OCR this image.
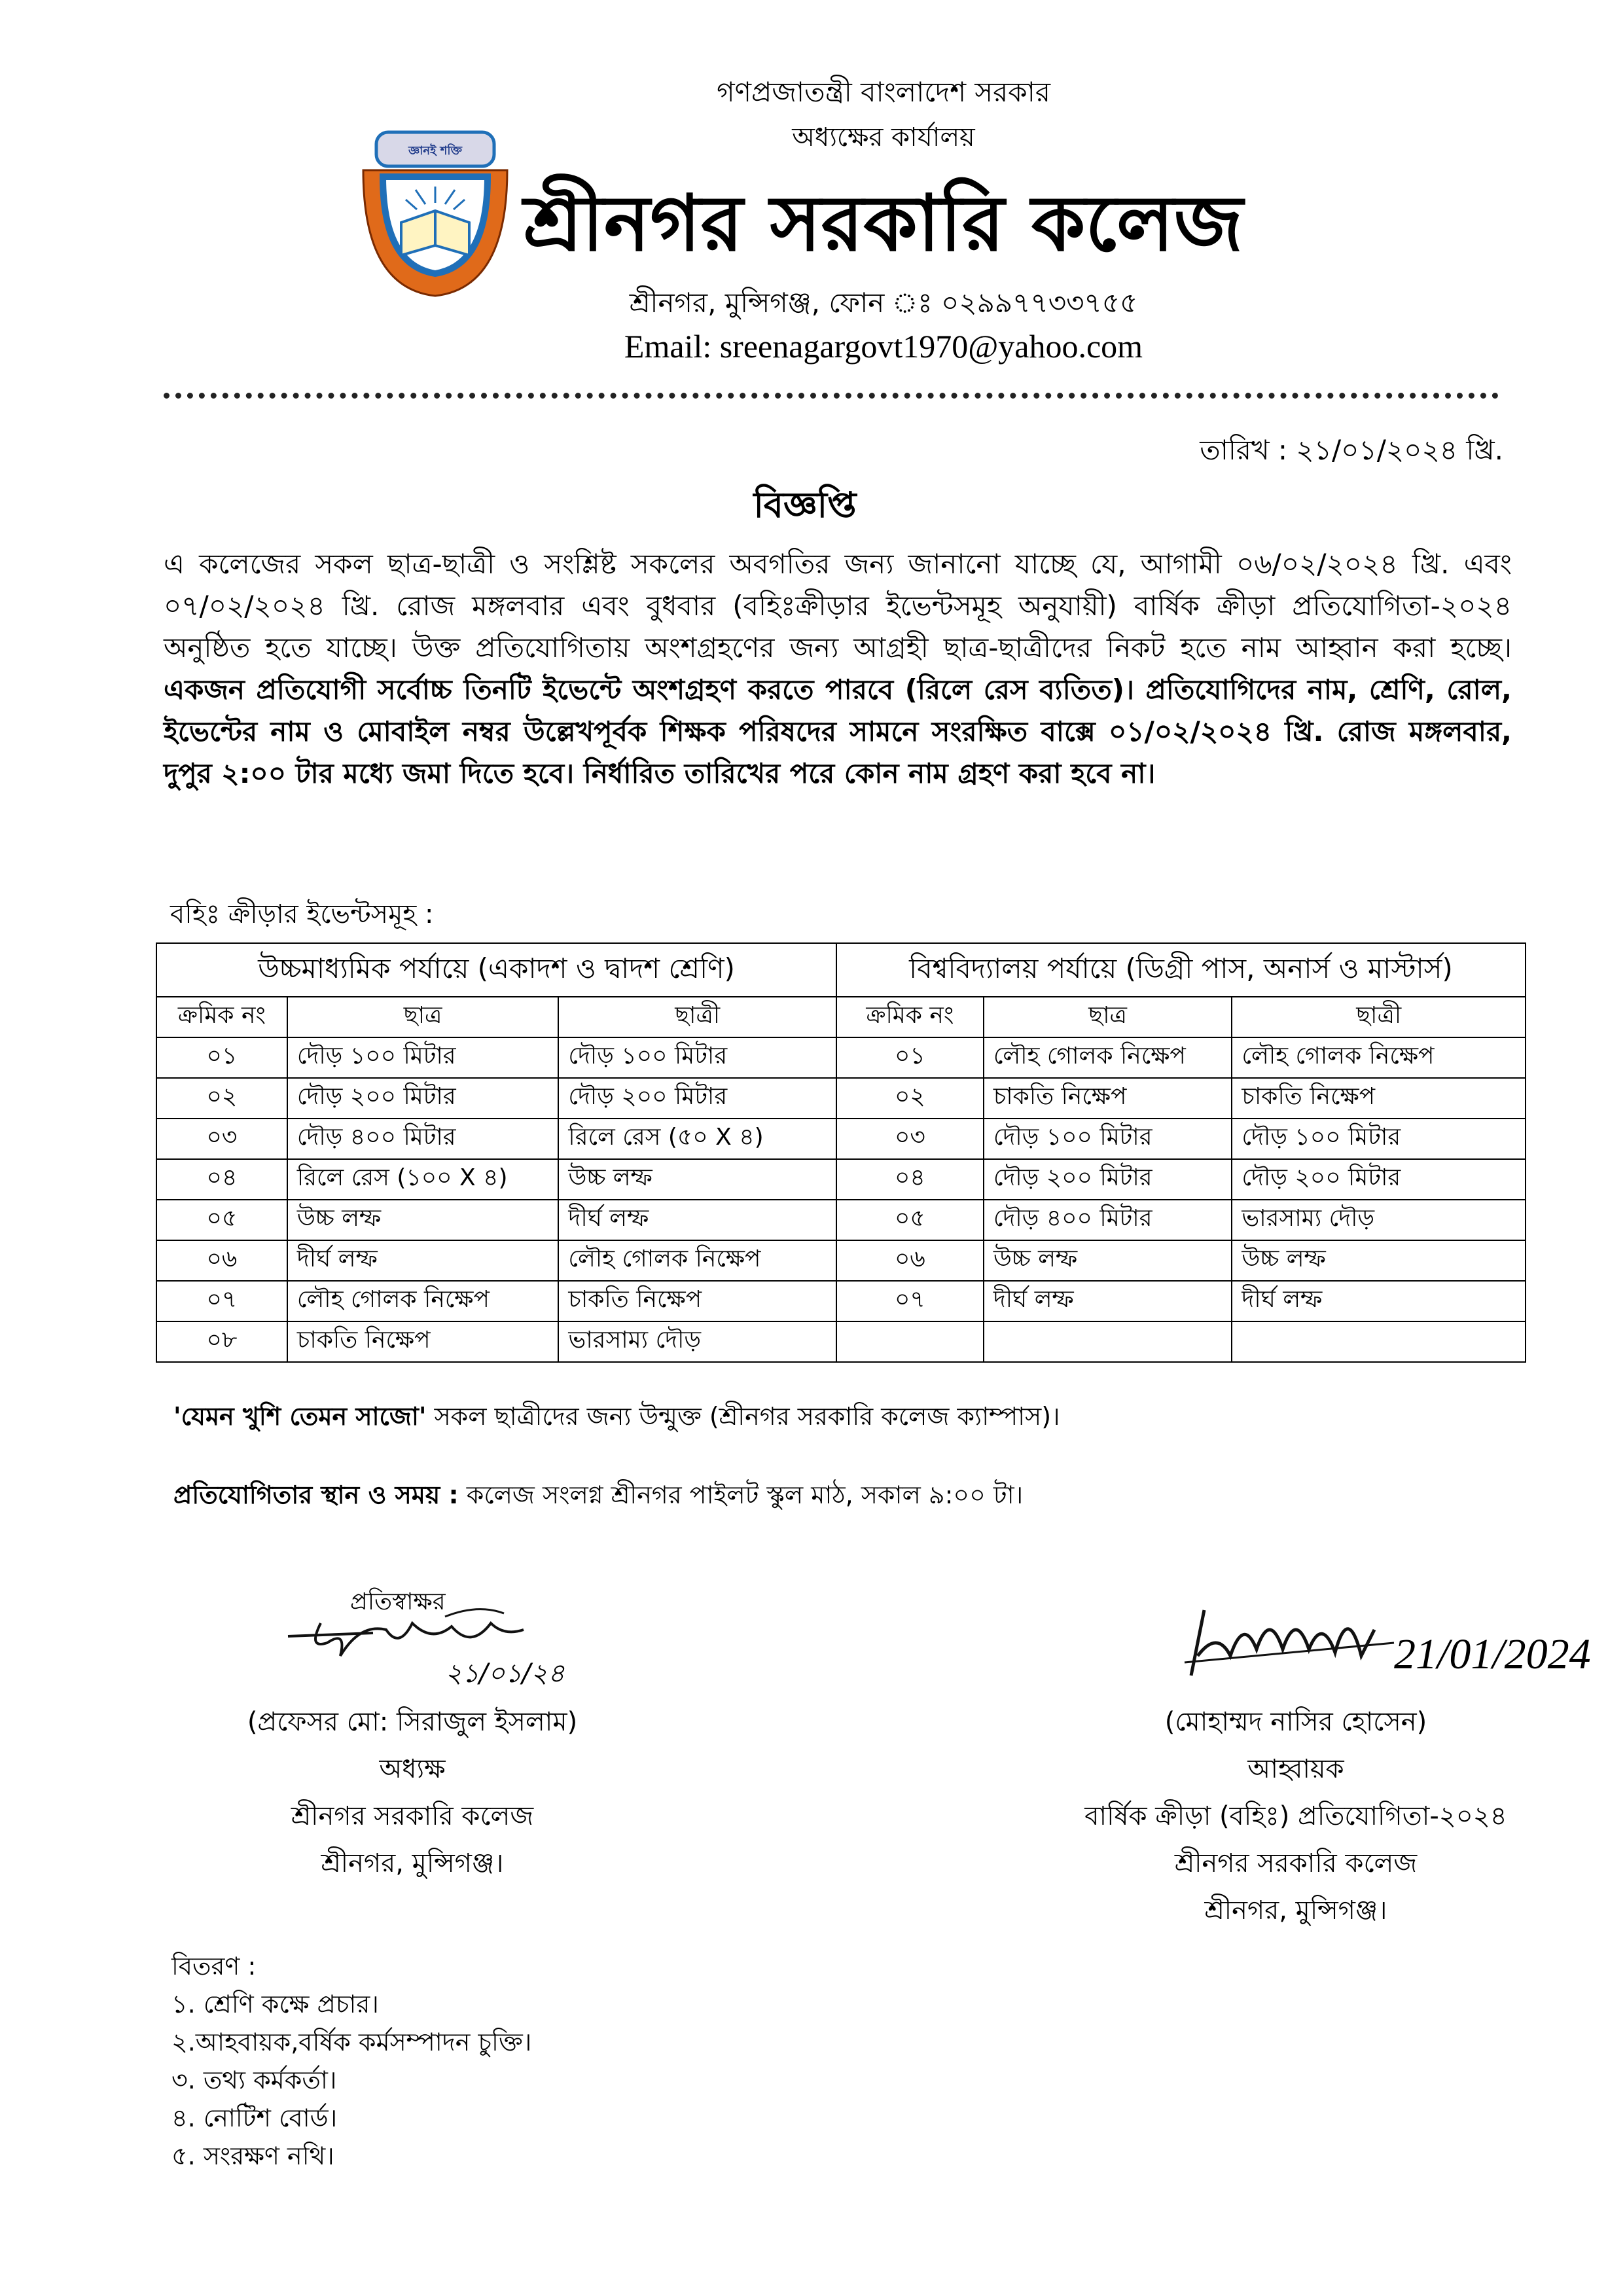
জ্ঞানই শক্তি
গণপ্রজাতন্ত্রী বাংলাদেশ সরকার
অধ্যক্ষের কার্যালয়
শ্রীনগর সরকারি কলেজ
শ্রীনগর, মুন্সিগঞ্জ, ফোন ঃ ০২৯৯৭৭৩৩৭৫৫
Email: sreenagargovt1970@yahoo.com
তারিখ : ২১/০১/২০২৪ খ্রি.
বিজ্ঞপ্তি
এ কলেজের সকল ছাত্র-ছাত্রী ও সংশ্লিষ্ট সকলের অবগতির জন্য জানানো যাচ্ছে যে, আগামী ০৬/০২/২০২৪ খ্রি. এবং ০৭/০২/২০২৪ খ্রি. রোজ মঙ্গলবার এবং বুধবার (বহিঃক্রীড়ার ইভেন্টসমূহ অনুযায়ী) বার্ষিক ক্রীড়া প্রতিযোগিতা-২০২৪ অনুষ্ঠিত হতে যাচ্ছে। উক্ত প্রতিযোগিতায় অংশগ্রহণের জন্য আগ্রহী ছাত্র-ছাত্রীদের নিকট হতে নাম আহ্বান করা হচ্ছে। একজন প্রতিযোগী সর্বোচ্চ তিনটি ইভেন্টে অংশগ্রহণ করতে পারবে (রিলে রেস ব্যতিত)। প্রতিযোগিদের নাম, শ্রেণি, রোল, ইভেন্টের নাম ও মোবাইল নম্বর উল্লেখপূর্বক শিক্ষক পরিষদের সামনে সংরক্ষিত বাক্সে ০১/০২/২০২৪ খ্রি. রোজ মঙ্গলবার, দুপুর ২:০০ টার মধ্যে জমা দিতে হবে। নির্ধারিত তারিখের পরে কোন নাম গ্রহণ করা হবে না।
বহিঃ ক্রীড়ার ইভেন্টসমূহ :
উচ্চমাধ্যমিক পর্যায়ে (একাদশ ও দ্বাদশ শ্রেণি)			বিশ্ববিদ্যালয় পর্যায়ে (ডিগ্রী পাস, অনার্স ও মাস্টার্স)		
ক্রমিক নং	ছাত্র	ছাত্রী	ক্রমিক নং	ছাত্র	ছাত্রী
০১	দৌড় ১০০ মিটার	দৌড় ১০০ মিটার	০১	লৌহ গোলক নিক্ষেপ	লৌহ গোলক নিক্ষেপ
০২	দৌড় ২০০ মিটার	দৌড় ২০০ মিটার	০২	চাকতি নিক্ষেপ	চাকতি নিক্ষেপ
০৩	দৌড় ৪০০ মিটার	রিলে রেস (৫০ X ৪)	০৩	দৌড় ১০০ মিটার	দৌড় ১০০ মিটার
০৪	রিলে রেস (১০০ X ৪)	উচ্চ লম্ফ	০৪	দৌড় ২০০ মিটার	দৌড় ২০০ মিটার
০৫	উচ্চ লম্ফ	দীর্ঘ লম্ফ	০৫	দৌড় ৪০০ মিটার	ভারসাম্য দৌড়
০৬	দীর্ঘ লম্ফ	লৌহ গোলক নিক্ষেপ	০৬	উচ্চ লম্ফ	উচ্চ লম্ফ
০৭	লৌহ গোলক নিক্ষেপ	চাকতি নিক্ষেপ	০৭	দীর্ঘ লম্ফ	দীর্ঘ লম্ফ
০৮	চাকতি নিক্ষেপ	ভারসাম্য দৌড়			
'যেমন খুশি তেমন সাজো' সকল ছাত্রীদের জন্য উন্মুক্ত (শ্রীনগর সরকারি কলেজ ক্যাম্পাস)।
প্রতিযোগিতার স্থান ও সময় : কলেজ সংলগ্ন শ্রীনগর পাইলট স্কুল মাঠ, সকাল ৯:০০ টা।
প্রতিস্বাক্ষর
২১/০১/২৪	21/01/2024
(প্রফেসর মো: সিরাজুল ইসলাম)
অধ্যক্ষ
শ্রীনগর সরকারি কলেজ
শ্রীনগর, মুন্সিগঞ্জ।
(মোহাম্মদ নাসির হোসেন)
আহ্বায়ক
বার্ষিক ক্রীড়া (বহিঃ) প্রতিযোগিতা-২০২৪
শ্রীনগর সরকারি কলেজ
শ্রীনগর, মুন্সিগঞ্জ।
বিতরণ :
১. শ্রেণি কক্ষে প্রচার।
২.আহবায়ক,বর্ষিক কর্মসম্পাদন চুক্তি।
৩. তথ্য কর্মকর্তা।
৪. নোটিশ বোর্ড।
৫. সংরক্ষণ নথি।
